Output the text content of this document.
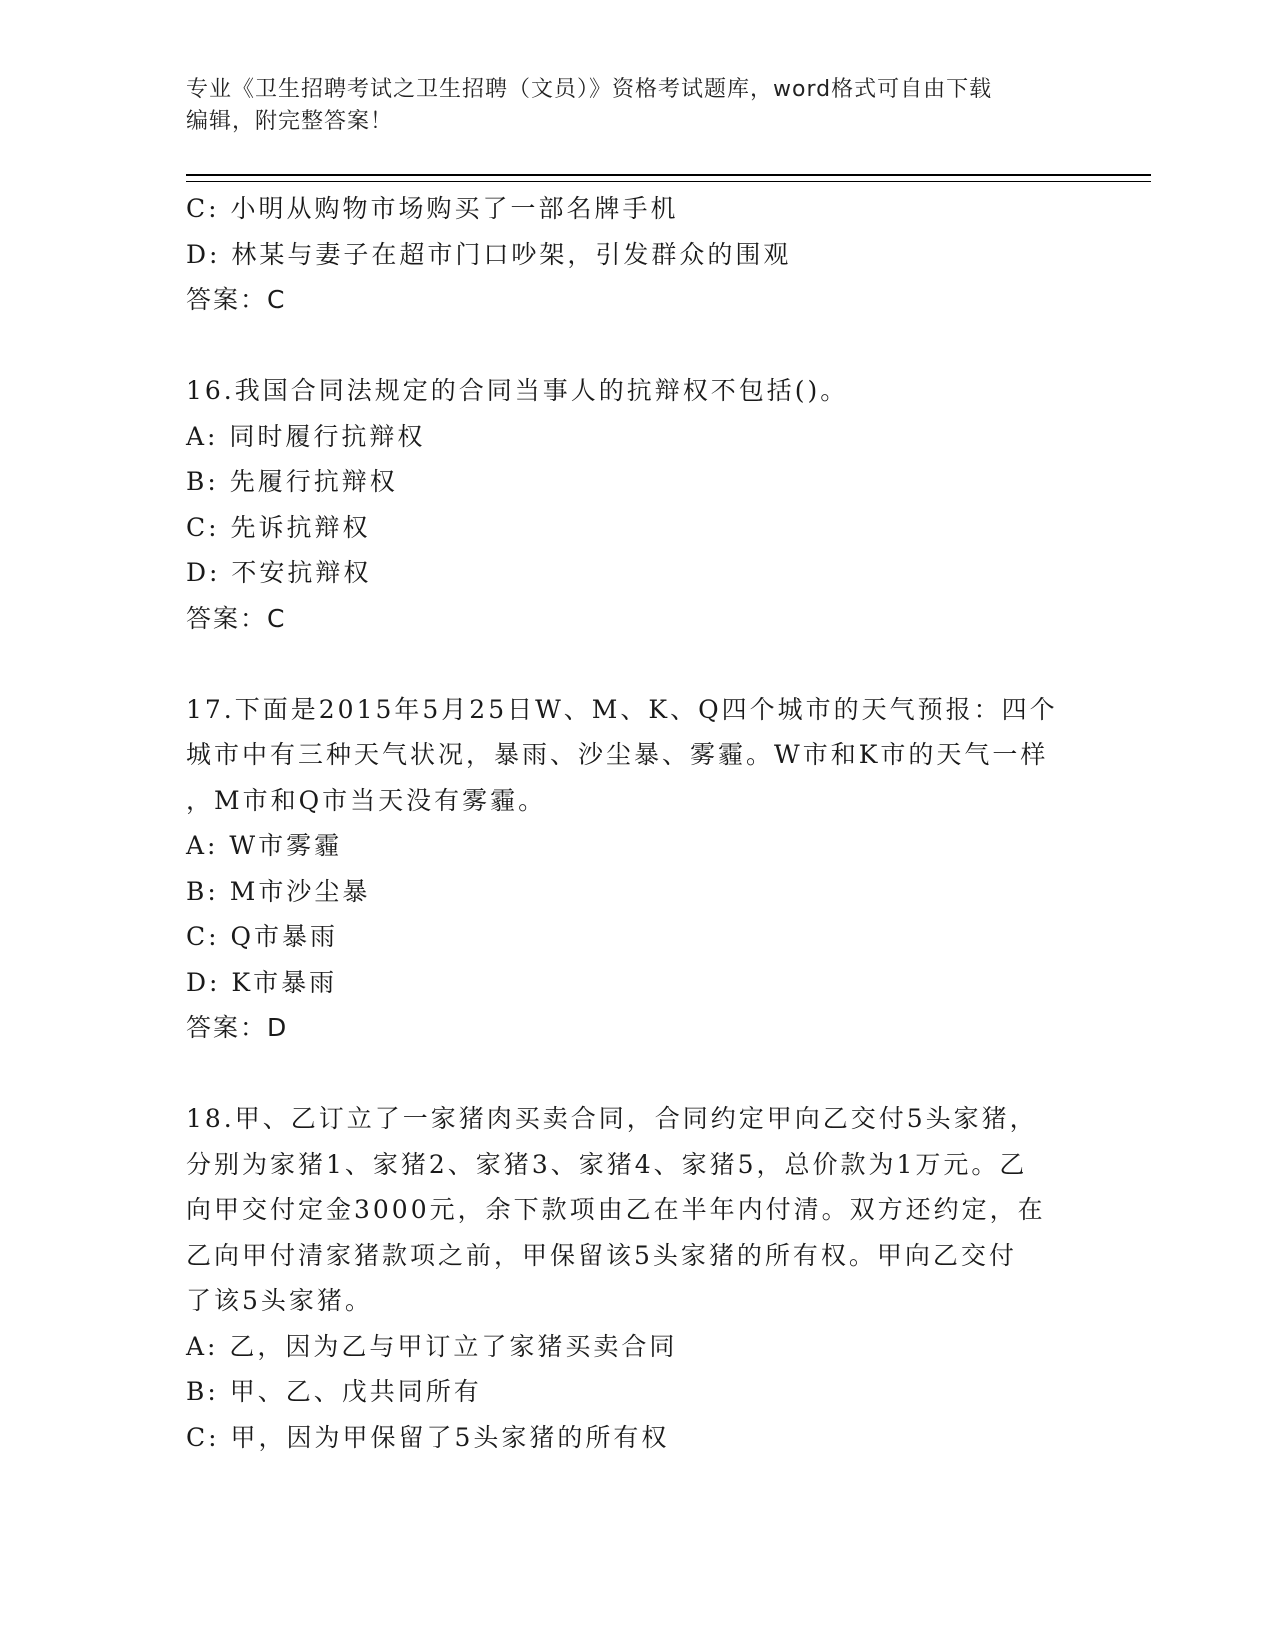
专业《卫生招聘考试之卫生招聘（文员）》资格考试题库，word格式可自由下载
编辑，附完整答案！
C: 小明从购物市场购买了一部名牌手机
D: 林某与妻子在超市门口吵架，引发群众的围观
答案：C
16.我国合同法规定的合同当事人的抗辩权不包括()。
A: 同时履行抗辩权
B: 先履行抗辩权
C: 先诉抗辩权
D: 不安抗辩权
答案：C
17.下面是2015年5月25日W、M、K、Q四个城市的天气预报：四个
城市中有三种天气状况，暴雨、沙尘暴、雾霾。W市和K市的天气一样
，M市和Q市当天没有雾霾。
A: W市雾霾
B: M市沙尘暴
C: Q市暴雨
D: K市暴雨
答案：D
18.甲、乙订立了一家猪肉买卖合同，合同约定甲向乙交付5头家猪，
分别为家猪1、家猪2、家猪3、家猪4、家猪5，总价款为1万元。乙
向甲交付定金3000元，余下款项由乙在半年内付清。双方还约定，在
乙向甲付清家猪款项之前，甲保留该5头家猪的所有权。甲向乙交付
了该5头家猪。
A: 乙，因为乙与甲订立了家猪买卖合同
B: 甲、乙、戊共同所有
C: 甲，因为甲保留了5头家猪的所有权
